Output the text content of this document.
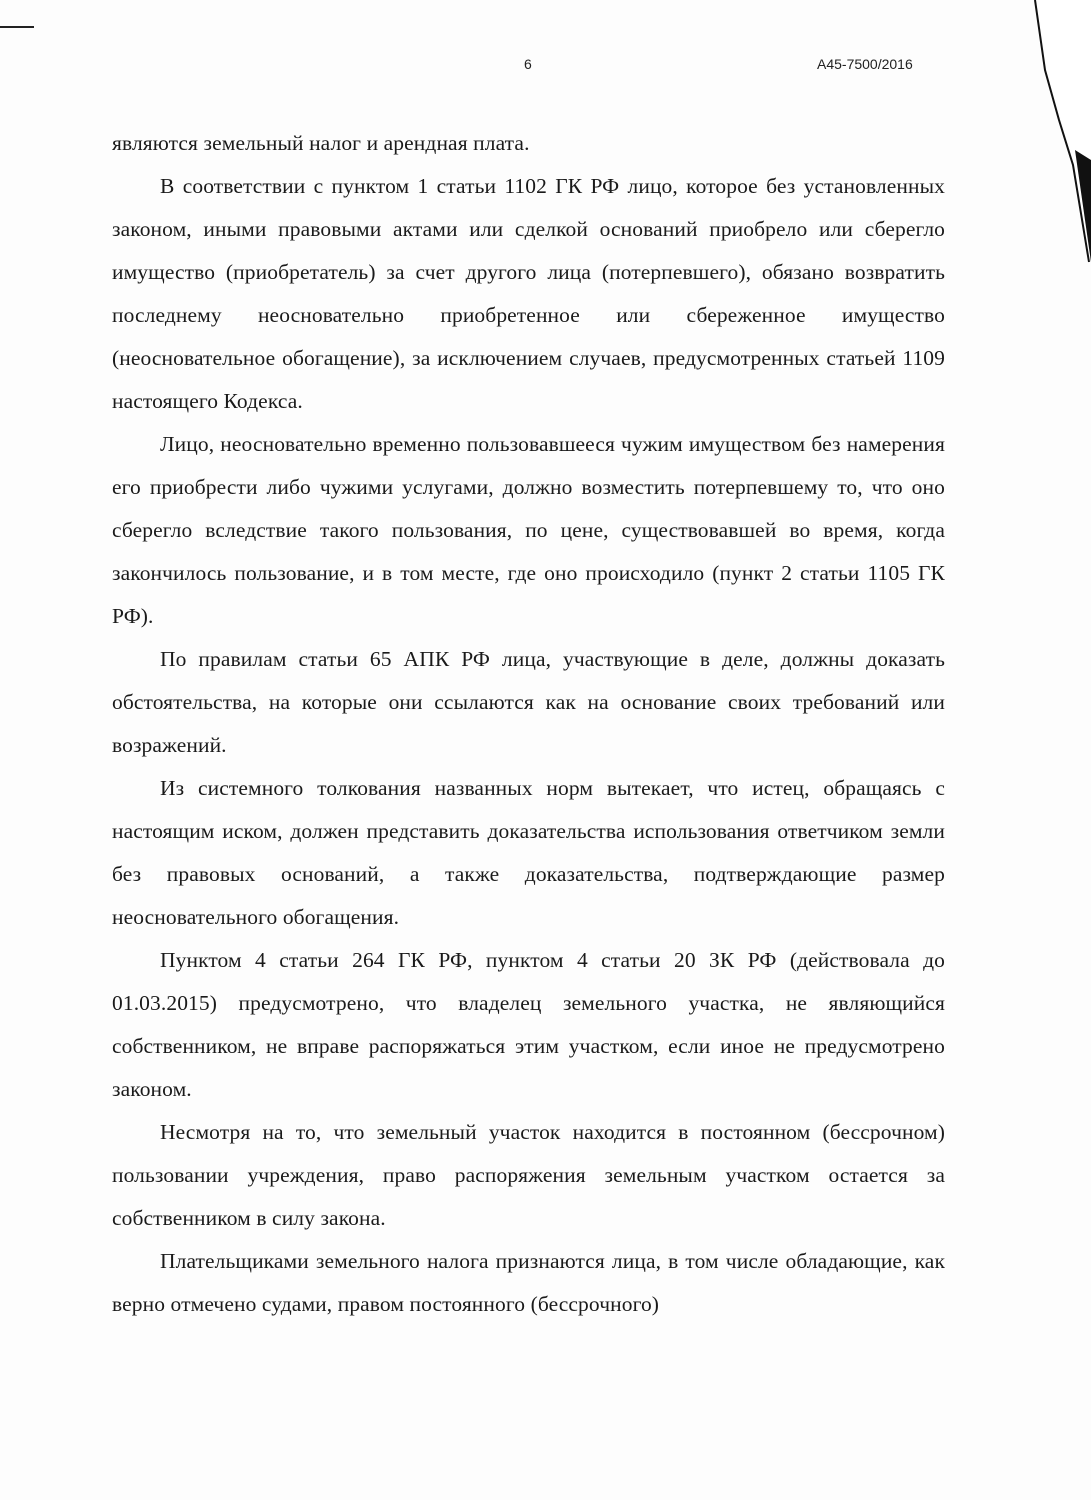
6	А45-7500/2016

являются земельный налог и арендная плата.

В соответствии с пунктом 1 статьи 1102 ГК РФ лицо, которое без установленных законом, иными правовыми актами или сделкой оснований приобрело или сберегло имущество (приобретатель) за счет другого лица (потерпевшего), обязано возвратить последнему неосновательно приобретенное или сбереженное имущество (неосновательное обогащение), за исключением случаев, предусмотренных статьей 1109 настоящего Кодекса.

Лицо, неосновательно временно пользовавшееся чужим имуществом без намерения его приобрести либо чужими услугами, должно возместить потерпевшему то, что оно сберегло вследствие такого пользования, по цене, существовавшей во время, когда закончилось пользование, и в том месте, где оно происходило (пункт 2 статьи 1105 ГК РФ).

По правилам статьи 65 АПК РФ лица, участвующие в деле, должны доказать обстоятельства, на которые они ссылаются как на основание своих требований или возражений.

Из системного толкования названных норм вытекает, что истец, обращаясь с настоящим иском, должен представить доказательства использования ответчиком земли без правовых оснований, а также доказательства, подтверждающие размер неосновательного обогащения.

Пунктом 4 статьи 264 ГК РФ, пунктом 4 статьи 20 ЗК РФ (действовала до 01.03.2015) предусмотрено, что владелец земельного участка, не являющийся собственником, не вправе распоряжаться этим участком, если иное не предусмотрено законом.

Несмотря на то, что земельный участок находится в постоянном (бессрочном) пользовании учреждения, право распоряжения земельным участком остается за собственником в силу закона.

Плательщиками земельного налога признаются лица, в том числе обладающие, как верно отмечено судами, правом постоянного (бессрочного)
